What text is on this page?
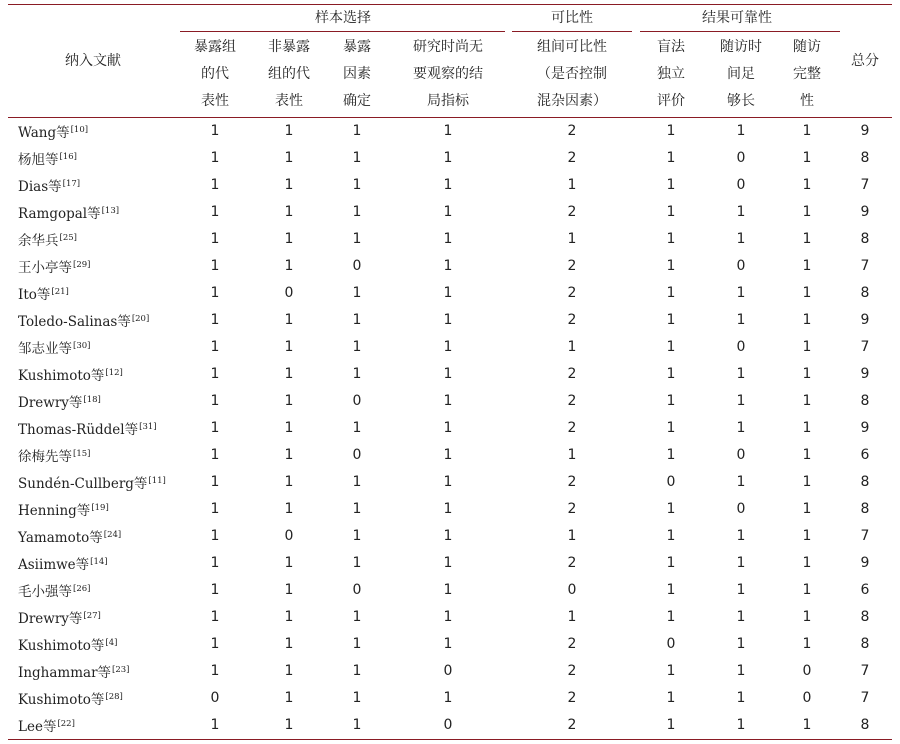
纳入文献	样本选择				可比性	结果可靠性			总分

	暴露组
的代
表性	非暴露
组的代
表性	暴露
因素
确定	研究时尚无
要观察的结
局指标	组间可比性
（是否控制
混杂因素）	盲法
独立
评价	随访时
间足
够长	随访
完整
性	

Wang等[10]	1	1	1	1	2	1	1	1	9
杨旭等[16]	1	1	1	1	2	1	0	1	8
Dias等[17]	1	1	1	1	1	1	0	1	7
Ramgopal等[13]	1	1	1	1	2	1	1	1	9
余华兵[25]	1	1	1	1	1	1	1	1	8
王小亭等[29]	1	1	0	1	2	1	0	1	7
Ito等[21]	1	0	1	1	2	1	1	1	8
Toledo-Salinas等[20]	1	1	1	1	2	1	1	1	9
邹志业等[30]	1	1	1	1	1	1	0	1	7
Kushimoto等[12]	1	1	1	1	2	1	1	1	9
Drewry等[18]	1	1	0	1	2	1	1	1	8
Thomas-Rüddel等[31]	1	1	1	1	2	1	1	1	9
徐梅先等[15]	1	1	0	1	1	1	0	1	6
Sundén-Cullberg等[11]	1	1	1	1	2	0	1	1	8
Henning等[19]	1	1	1	1	2	1	0	1	8
Yamamoto等[24]	1	0	1	1	1	1	1	1	7
Asiimwe等[14]	1	1	1	1	2	1	1	1	9
毛小强等[26]	1	1	0	1	0	1	1	1	6
Drewry等[27]	1	1	1	1	1	1	1	1	8
Kushimoto等[4]	1	1	1	1	2	0	1	1	8
Inghammar等[23]	1	1	1	0	2	1	1	0	7
Kushimoto等[28]	0	1	1	1	2	1	1	0	7
Lee等[22]	1	1	1	0	2	1	1	1	8
